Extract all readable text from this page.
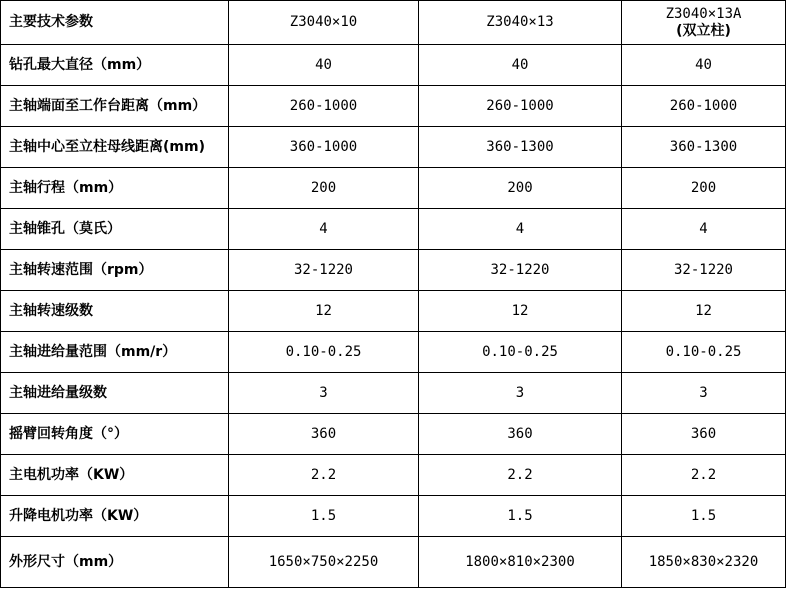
主要技术参数	Z3040×10	Z3040×13	Z3040×13A
(双立柱)

钻孔最大直径（mm）	40	40	40
主轴端面至工作台距离（mm）	260-1000	260-1000	260-1000
主轴中心至立柱母线距离(mm)	360-1000	360-1300	360-1300
主轴行程（mm）	200	200	200
主轴锥孔（莫氏）	4	4	4
主轴转速范围（rpm）	32-1220	32-1220	32-1220
主轴转速级数	12	12	12
主轴进给量范围（mm/r）	0.10-0.25	0.10-0.25	0.10-0.25
主轴进给量级数	3	3	3
摇臂回转角度（°）	360	360	360
主电机功率（KW）	2.2	2.2	2.2
升降电机功率（KW）	1.5	1.5	1.5
外形尺寸（mm）	1650×750×2250	1800×810×2300	1850×830×2320
